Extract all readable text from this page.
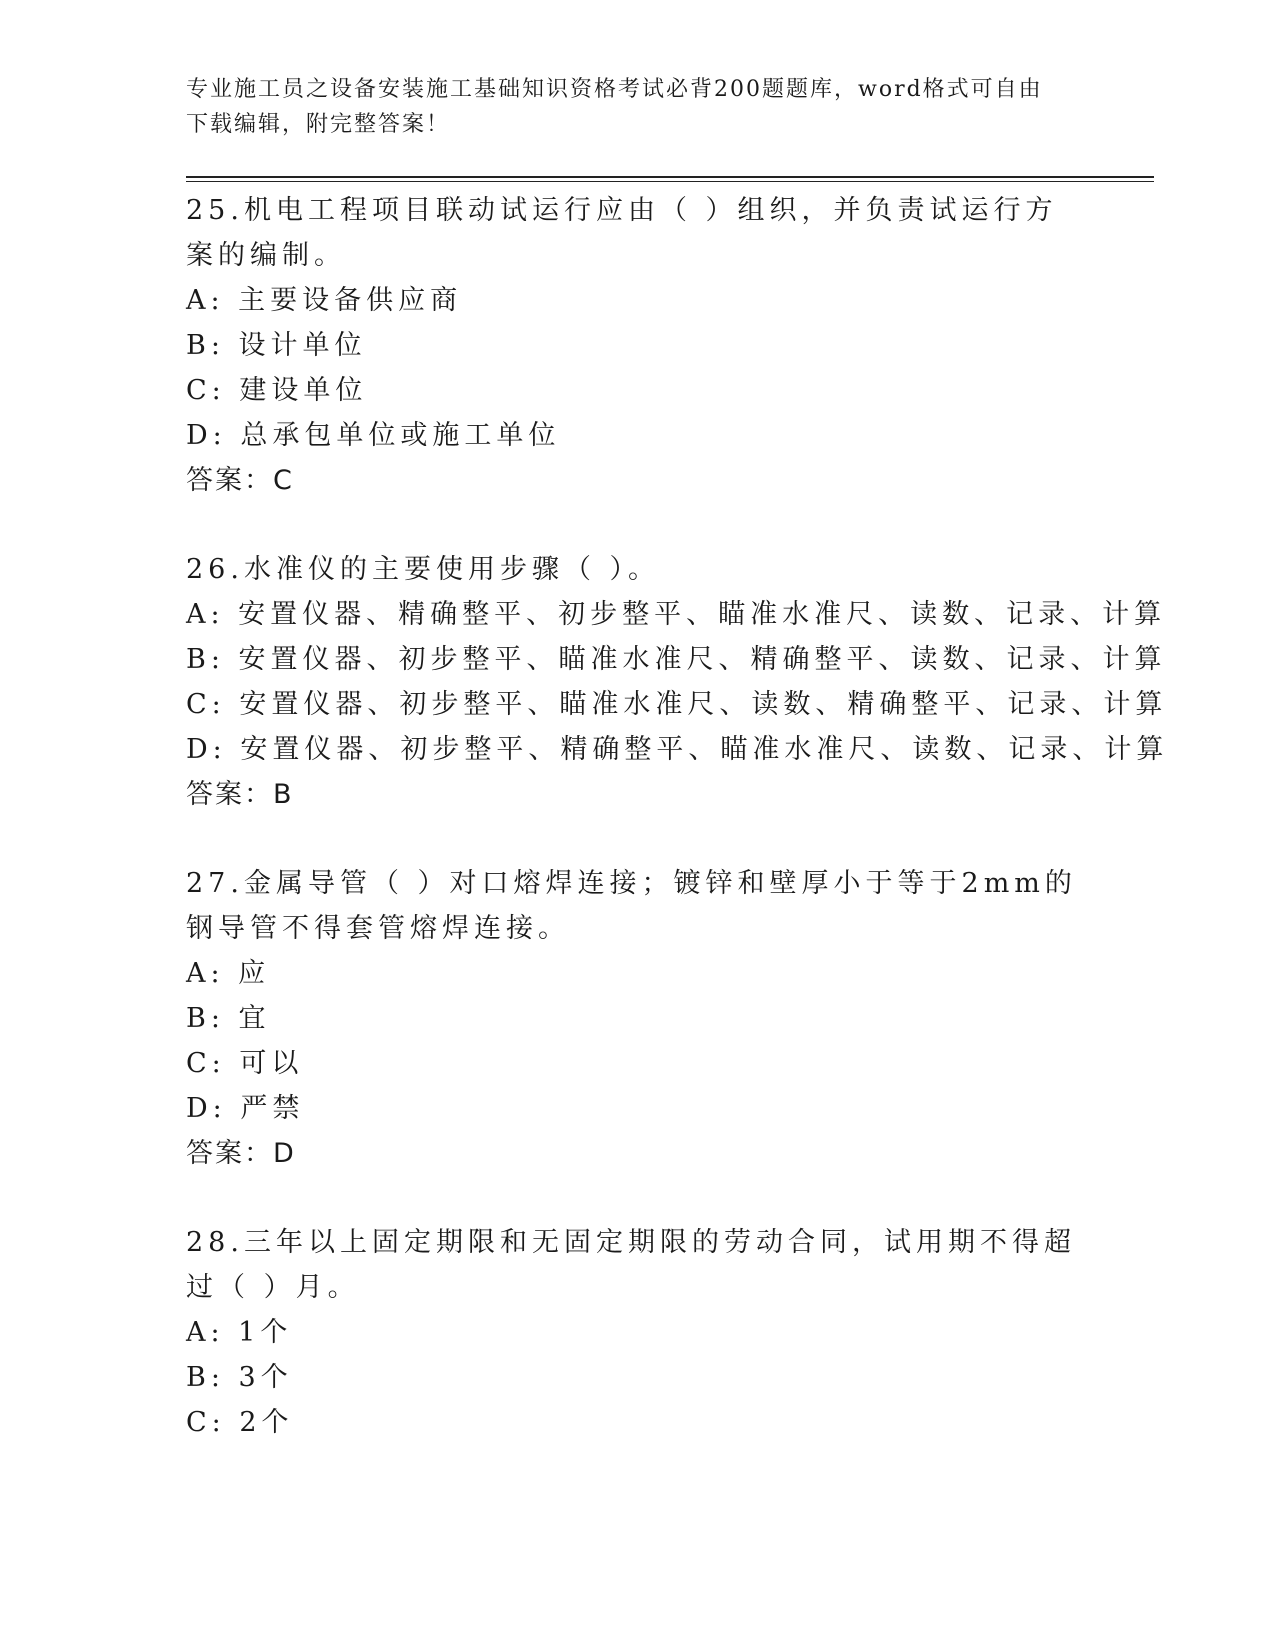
专业施工员之设备安装施工基础知识资格考试必背200题题库，word格式可自由下载编辑，附完整答案！

25.机电工程项目联动试运行应由（ ）组织，并负责试运行方案的编制。

A: 主要设备供应商

B: 设计单位

C: 建设单位

D: 总承包单位或施工单位

答案：C

26.水准仪的主要使用步骤（ ）。

A: 安置仪器、精确整平、初步整平、瞄准水准尺、读数、记录、计算

B: 安置仪器、初步整平、瞄准水准尺、精确整平、读数、记录、计算

C: 安置仪器、初步整平、瞄准水准尺、读数、精确整平、记录、计算

D: 安置仪器、初步整平、精确整平、瞄准水准尺、读数、记录、计算

答案：B

27.金属导管（ ）对口熔焊连接；镀锌和壁厚小于等于2mm的钢导管不得套管熔焊连接。

A: 应

B: 宜

C: 可以

D: 严禁

答案：D

28.三年以上固定期限和无固定期限的劳动合同，试用期不得超过（ ）月。

A: 1个

B: 3个

C: 2个
